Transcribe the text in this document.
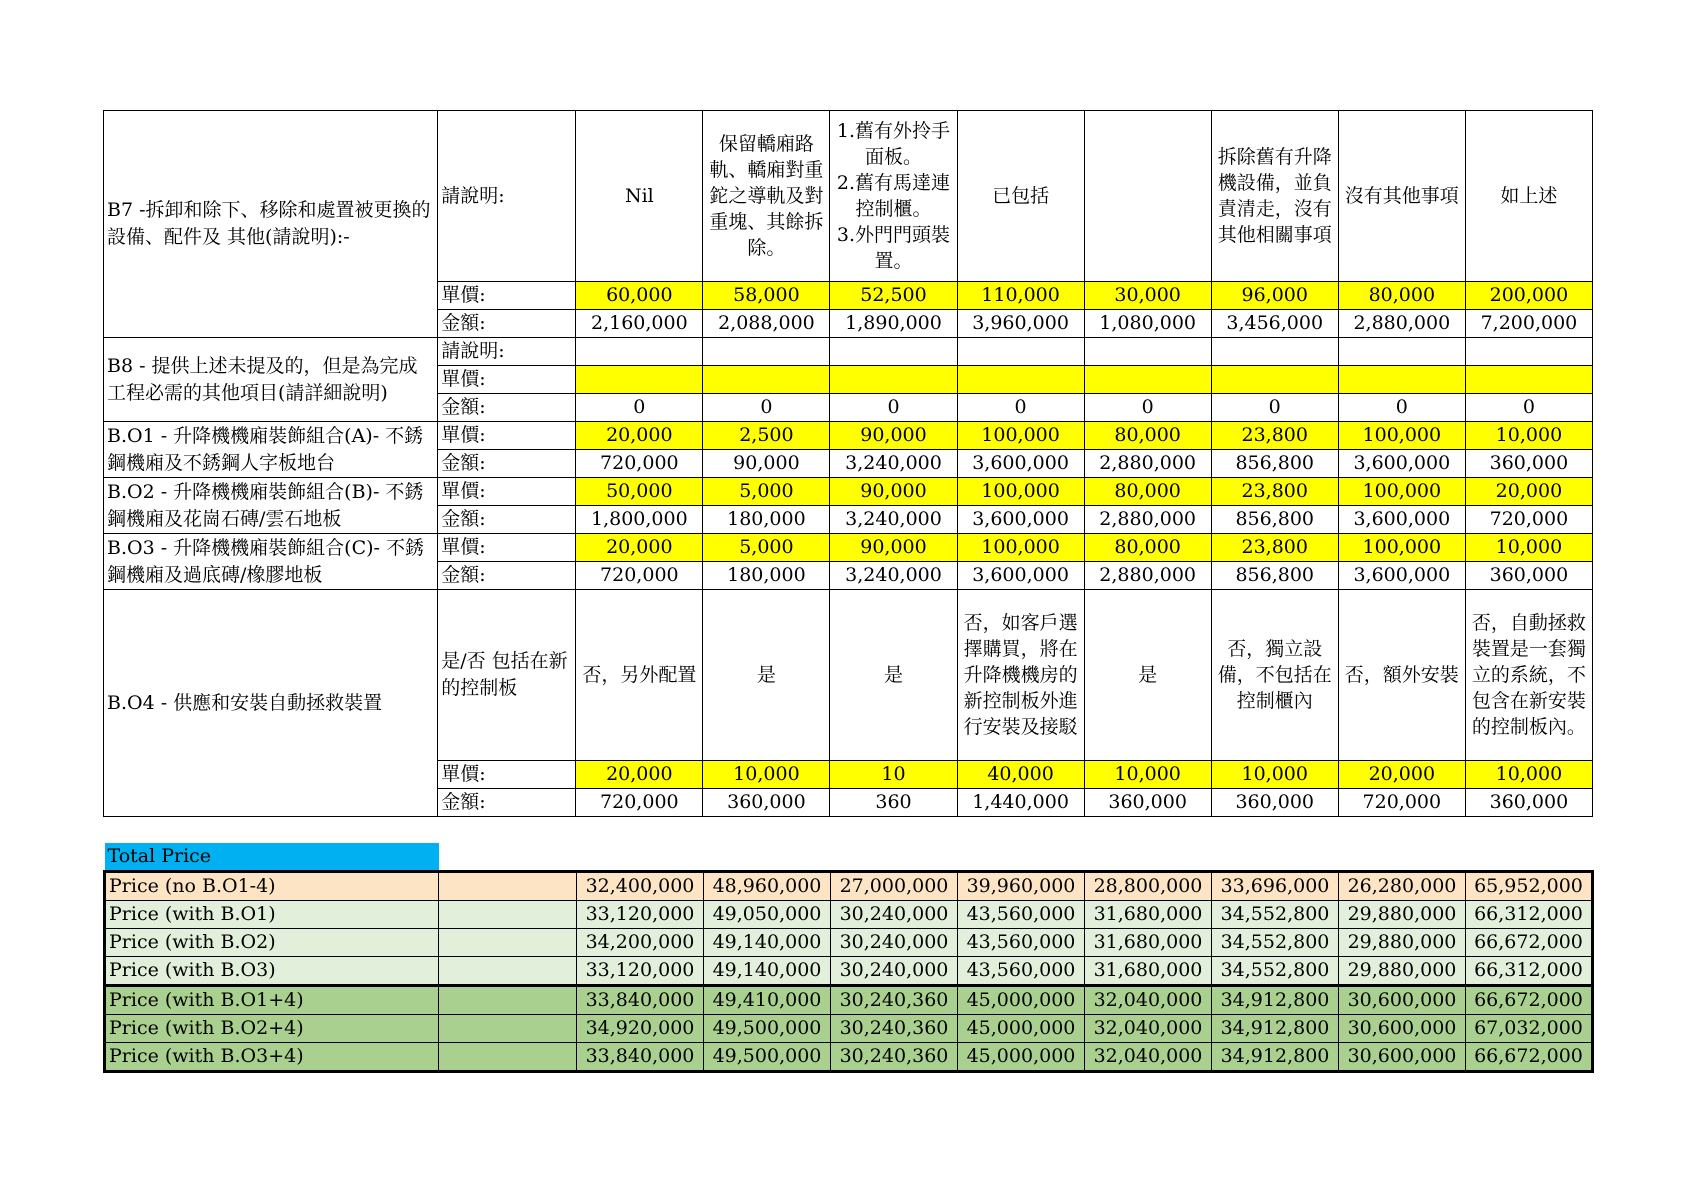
B7 -拆卸和除下、移除和處置被更換的設備、配件及 其他(請說明):-	請說明:	Nil	保留轎廂路軌、轎廂對重鉈之導軌及對重塊、其餘拆除。	1.舊有外拎手面板。
2.舊有馬達連控制櫃。
3.外門門頭裝置。	已包括		拆除舊有升降機設備，並負責清走，沒有其他相關事項	沒有其他事項	如上述
	單價:	60,000	58,000	52,500	110,000	30,000	96,000	80,000	200,000
	金額:	2,160,000	2,088,000	1,890,000	3,960,000	1,080,000	3,456,000	2,880,000	7,200,000
B8 - 提供上述未提及的，但是為完成工程必需的其他項目(請詳細說明)	請說明:								
	單價:								
	金額:	0	0	0	0	0	0	0	0
B.O1 - 升降機機廂裝飾組合(A)- 不銹鋼機廂及不銹鋼人字板地台	單價:	20,000	2,500	90,000	100,000	80,000	23,800	100,000	10,000
	金額:	720,000	90,000	3,240,000	3,600,000	2,880,000	856,800	3,600,000	360,000
B.O2 - 升降機機廂裝飾組合(B)- 不銹鋼機廂及花崗石磚/雲石地板	單價:	50,000	5,000	90,000	100,000	80,000	23,800	100,000	20,000
	金額:	1,800,000	180,000	3,240,000	3,600,000	2,880,000	856,800	3,600,000	720,000
B.O3 - 升降機機廂裝飾組合(C)- 不銹鋼機廂及過底磚/橡膠地板	單價:	20,000	5,000	90,000	100,000	80,000	23,800	100,000	10,000
	金額:	720,000	180,000	3,240,000	3,600,000	2,880,000	856,800	3,600,000	360,000
B.O4 - 供應和安裝自動拯救裝置	是/否 包括在新的控制板	否，另外配置	是	是	否，如客戶選擇購買，將在升降機機房的新控制板外進行安裝及接駁	是	否，獨立設備，不包括在控制櫃內	否，額外安裝	否，自動拯救裝置是一套獨立的系統，不包含在新安裝的控制板內。
	單價:	20,000	10,000	10	40,000	10,000	10,000	20,000	10,000
	金額:	720,000	360,000	360	1,440,000	360,000	360,000	720,000	360,000
Total Price									
Price (no B.O1-4)		32,400,000	48,960,000	27,000,000	39,960,000	28,800,000	33,696,000	26,280,000	65,952,000
Price (with B.O1)		33,120,000	49,050,000	30,240,000	43,560,000	31,680,000	34,552,800	29,880,000	66,312,000
Price (with B.O2)		34,200,000	49,140,000	30,240,000	43,560,000	31,680,000	34,552,800	29,880,000	66,672,000
Price (with B.O3)		33,120,000	49,140,000	30,240,000	43,560,000	31,680,000	34,552,800	29,880,000	66,312,000
Price (with B.O1+4)		33,840,000	49,410,000	30,240,360	45,000,000	32,040,000	34,912,800	30,600,000	66,672,000
Price (with B.O2+4)		34,920,000	49,500,000	30,240,360	45,000,000	32,040,000	34,912,800	30,600,000	67,032,000
Price (with B.O3+4)		33,840,000	49,500,000	30,240,360	45,000,000	32,040,000	34,912,800	30,600,000	66,672,000
